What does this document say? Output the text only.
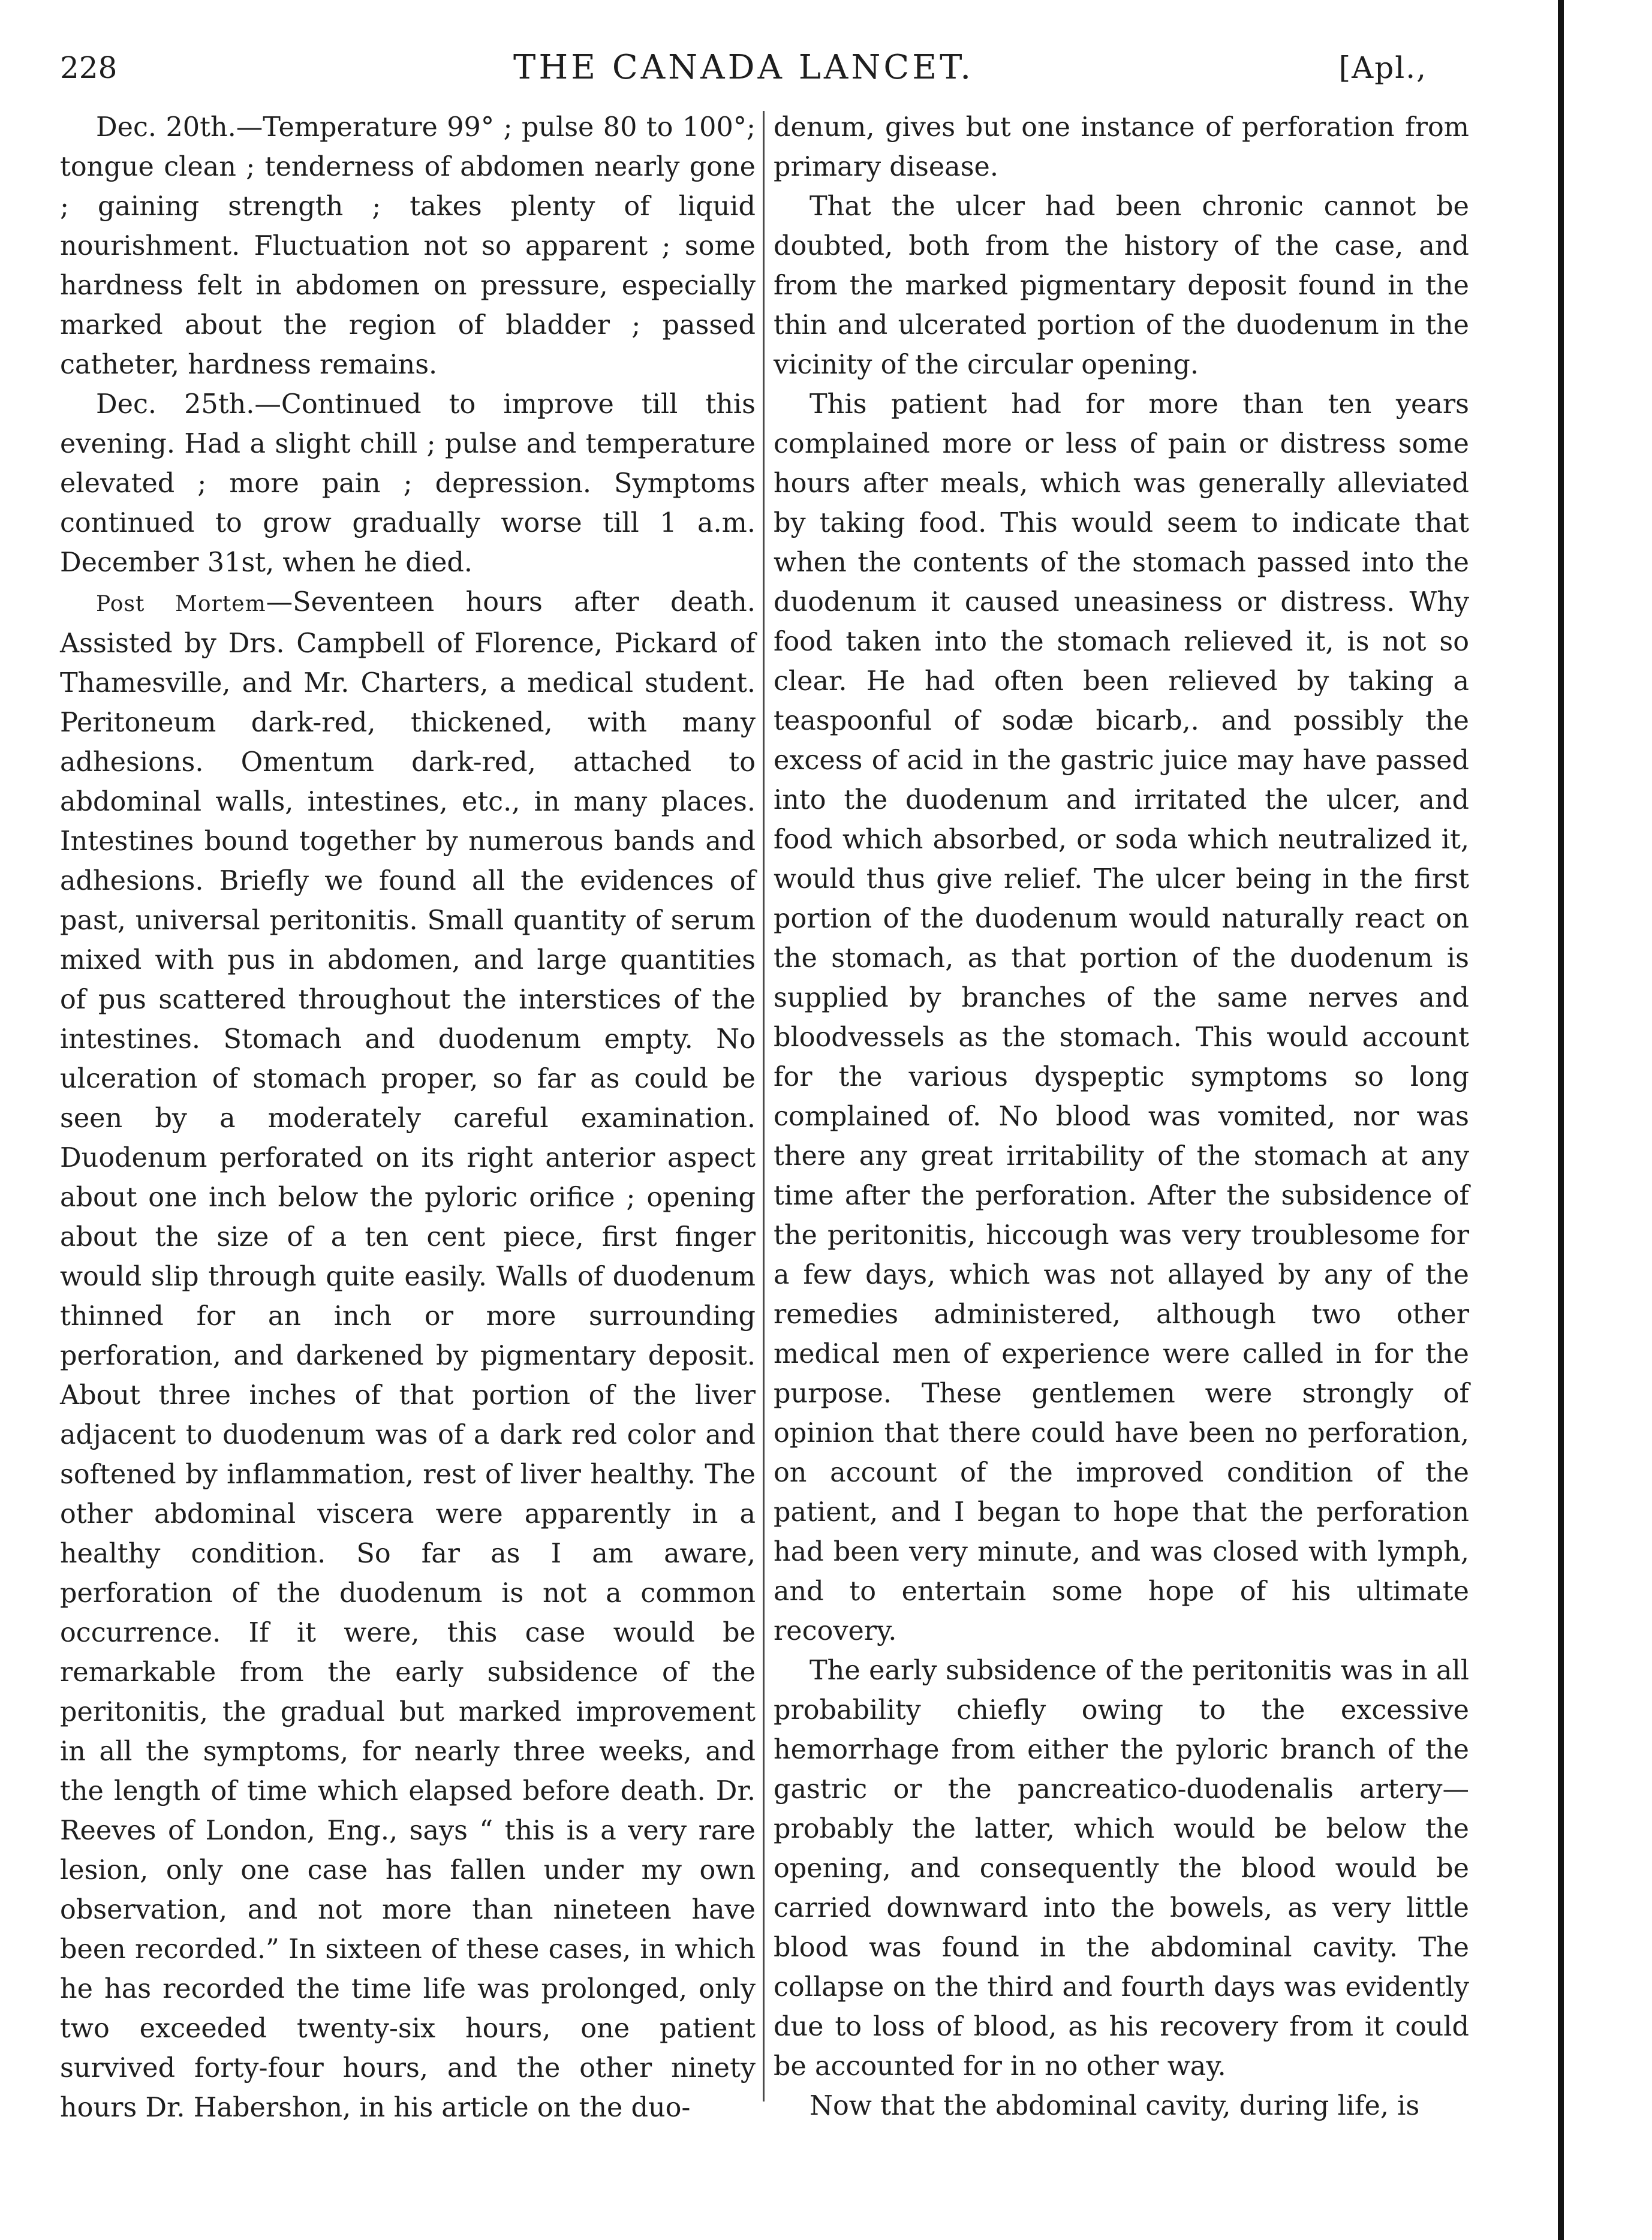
228	THE CANADA LANCET.	[Apl.,

Dec. 20th.—Temperature 99° ; pulse 80 to 100°; tongue clean ; tenderness of abdomen nearly gone ; gaining strength ; takes plenty of liquid nourishment. Fluctuation not so apparent ; some hardness felt in abdomen on pressure, especially marked about the region of bladder ; passed catheter, hardness remains.

Dec. 25th.—Continued to improve till this evening. Had a slight chill ; pulse and temperature elevated ; more pain ; depression. Symptoms continued to grow gradually worse till 1 a.m. December 31st, when he died.

Post Mortem—Seventeen hours after death. Assisted by Drs. Campbell of Florence, Pickard of Thamesville, and Mr. Charters, a medical student. Peritoneum dark-red, thickened, with many adhesions. Omentum dark-red, attached to abdominal walls, intestines, etc., in many places. Intestines bound together by numerous bands and adhesions. Briefly we found all the evidences of past, universal peritonitis. Small quantity of serum mixed with pus in abdomen, and large quantities of pus scattered throughout the interstices of the intestines. Stomach and duodenum empty. No ulceration of stomach proper, so far as could be seen by a moderately careful examination. Duodenum perforated on its right anterior aspect about one inch below the pyloric orifice ; opening about the size of a ten cent piece, first finger would slip through quite easily. Walls of duodenum thinned for an inch or more surrounding perforation, and darkened by pigmentary deposit. About three inches of that portion of the liver adjacent to duodenum was of a dark red color and softened by inflammation, rest of liver healthy. The other abdominal viscera were apparently in a healthy condition. So far as I am aware, perforation of the duodenum is not a common occurrence. If it were, this case would be remarkable from the early subsidence of the peritonitis, the gradual but marked improvement in all the symptoms, for nearly three weeks, and the length of time which elapsed before death. Dr. Reeves of London, Eng., says “ this is a very rare lesion, only one case has fallen under my own observation, and not more than nineteen have been recorded.” In sixteen of these cases, in which he has recorded the time life was prolonged, only two exceeded twenty-six hours, one patient survived forty-four hours, and the other ninety hours Dr. Habershon, in his article on the duo-

denum, gives but one instance of perforation from primary disease.

That the ulcer had been chronic cannot be doubted, both from the history of the case, and from the marked pigmentary deposit found in the thin and ulcerated portion of the duodenum in the vicinity of the circular opening.

This patient had for more than ten years complained more or less of pain or distress some hours after meals, which was generally alleviated by taking food. This would seem to indicate that when the contents of the stomach passed into the duodenum it caused uneasiness or distress. Why food taken into the stomach relieved it, is not so clear. He had often been relieved by taking a teaspoonful of sodæ bicarb,. and possibly the excess of acid in the gastric juice may have passed into the duodenum and irritated the ulcer, and food which absorbed, or soda which neutralized it, would thus give relief. The ulcer being in the first portion of the duodenum would naturally react on the stomach, as that portion of the duodenum is supplied by branches of the same nerves and bloodvessels as the stomach. This would account for the various dyspeptic symptoms so long complained of. No blood was vomited, nor was there any great irritability of the stomach at any time after the perforation. After the subsidence of the peritonitis, hiccough was very troublesome for a few days, which was not allayed by any of the remedies administered, although two other medical men of experience were called in for the purpose. These gentlemen were strongly of opinion that there could have been no perforation, on account of the improved condition of the patient, and I began to hope that the perforation had been very minute, and was closed with lymph, and to entertain some hope of his ultimate recovery.

The early subsidence of the peritonitis was in all probability chiefly owing to the excessive hemorrhage from either the pyloric branch of the gastric or the pancreatico-duodenalis artery—probably the latter, which would be below the opening, and consequently the blood would be carried downward into the bowels, as very little blood was found in the abdominal cavity. The collapse on the third and fourth days was evidently due to loss of blood, as his recovery from it could be accounted for in no other way.

Now that the abdominal cavity, during life, is
